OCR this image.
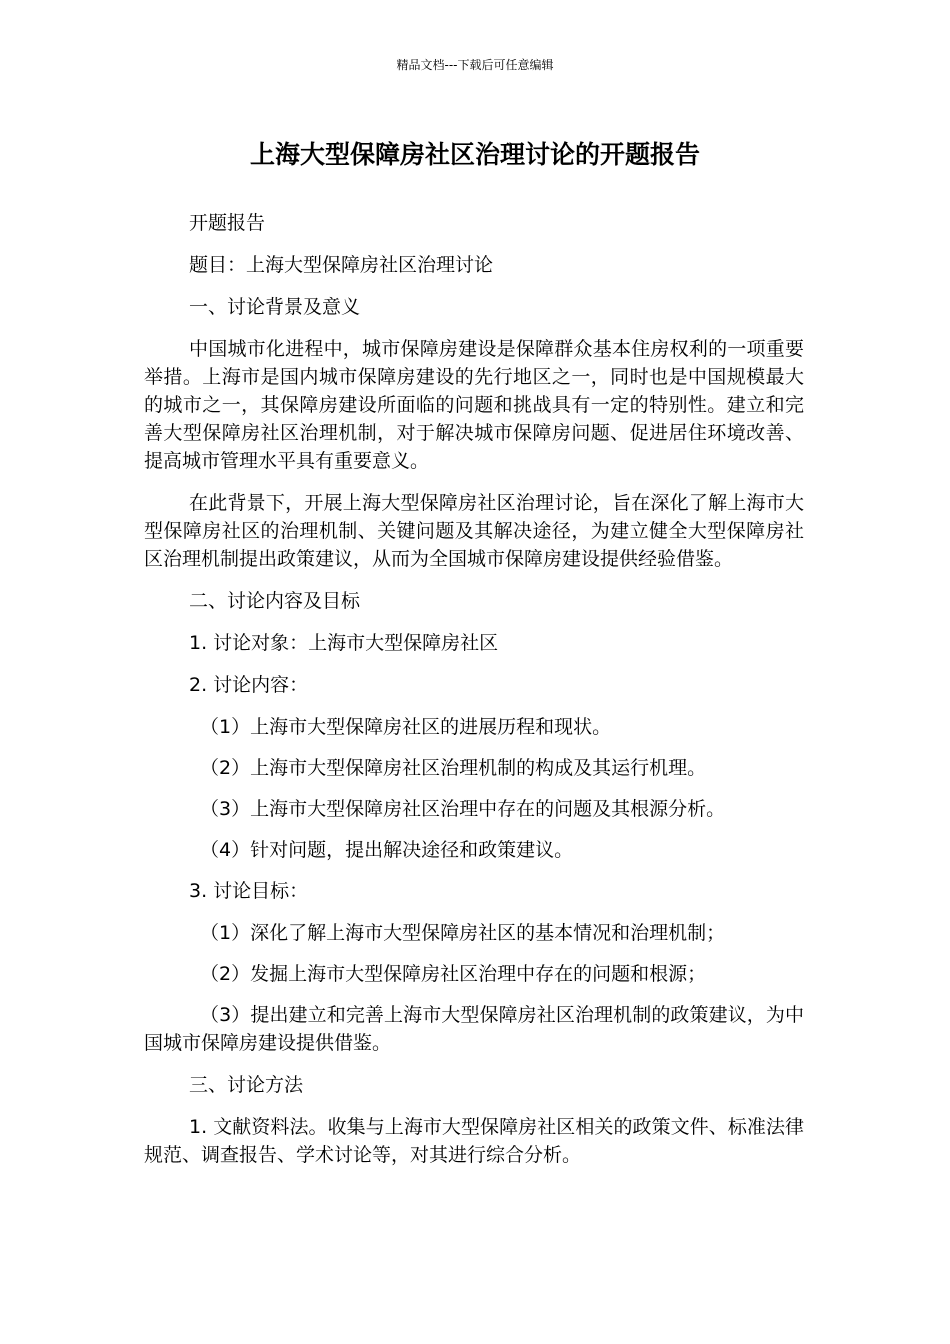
精品文档---下载后可任意编辑
上海大型保障房社区治理讨论的开题报告

开题报告

题目：上海大型保障房社区治理讨论

一、讨论背景及意义

中国城市化进程中，城市保障房建设是保障群众基本住房权利的一项重要举措。上海市是国内城市保障房建设的先行地区之一，同时也是中国规模最大的城市之一，其保障房建设所面临的问题和挑战具有一定的特别性。建立和完善大型保障房社区治理机制，对于解决城市保障房问题、促进居住环境改善、提高城市管理水平具有重要意义。

在此背景下，开展上海大型保障房社区治理讨论，旨在深化了解上海市大型保障房社区的治理机制、关键问题及其解决途径，为建立健全大型保障房社区治理机制提出政策建议，从而为全国城市保障房建设提供经验借鉴。

二、讨论内容及目标

1. 讨论对象：上海市大型保障房社区

2. 讨论内容：

（1）上海市大型保障房社区的进展历程和现状。

（2）上海市大型保障房社区治理机制的构成及其运行机理。

（3）上海市大型保障房社区治理中存在的问题及其根源分析。

（4）针对问题，提出解决途径和政策建议。

3. 讨论目标：

（1）深化了解上海市大型保障房社区的基本情况和治理机制；

（2）发掘上海市大型保障房社区治理中存在的问题和根源；

（3）提出建立和完善上海市大型保障房社区治理机制的政策建议，为中国城市保障房建设提供借鉴。

三、讨论方法

1. 文献资料法。收集与上海市大型保障房社区相关的政策文件、标准法律规范、调查报告、学术讨论等，对其进行综合分析。
